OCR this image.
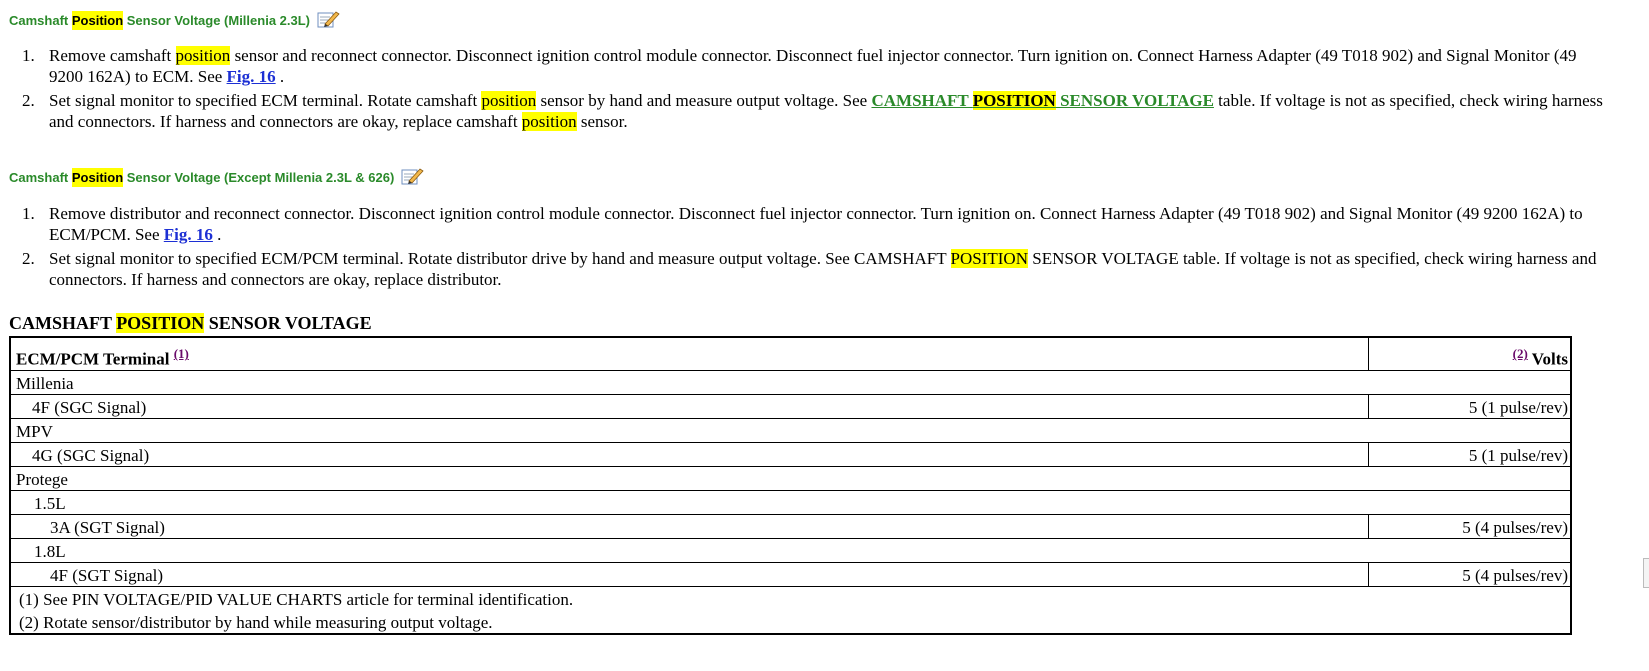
Camshaft Position Sensor Voltage (Millenia 2.3L)
1. Remove camshaft position sensor and reconnect connector. Disconnect ignition control module connector. Disconnect fuel injector connector. Turn ignition on. Connect Harness Adapter (49 T018 902) and Signal Monitor (49 9200 162A) to ECM. See Fig. 16 .
2. Set signal monitor to specified ECM terminal. Rotate camshaft position sensor by hand and measure output voltage. See CAMSHAFT POSITION SENSOR VOLTAGE table. If voltage is not as specified, check wiring harness and connectors. If harness and connectors are okay, replace camshaft position sensor.
Camshaft Position Sensor Voltage (Except Millenia 2.3L & 626)
1. Remove distributor and reconnect connector. Disconnect ignition control module connector. Disconnect fuel injector connector. Turn ignition on. Connect Harness Adapter (49 T018 902) and Signal Monitor (49 9200 162A) to ECM/PCM. See Fig. 16 .
2. Set signal monitor to specified ECM/PCM terminal. Rotate distributor drive by hand and measure output voltage. See CAMSHAFT POSITION SENSOR VOLTAGE table. If voltage is not as specified, check wiring harness and connectors. If harness and connectors are okay, replace distributor.
CAMSHAFT POSITION SENSOR VOLTAGE
ECM/PCM Terminal $^{(1)}$	$^{(2)}$ Volts
Millenia	
4F (SGC Signal)	5 (1 pulse/rev)
MPV	
4G (SGC Signal)	5 (1 pulse/rev)
Protege	
1.5L	
3A (SGT Signal)	5 (4 pulses/rev)
1.8L	
4F (SGT Signal)	5 (4 pulses/rev)
(1) See PIN VOLTAGE/PID VALUE CHARTS article for terminal identification.	
(2) Rotate sensor/distributor by hand while measuring output voltage.	
